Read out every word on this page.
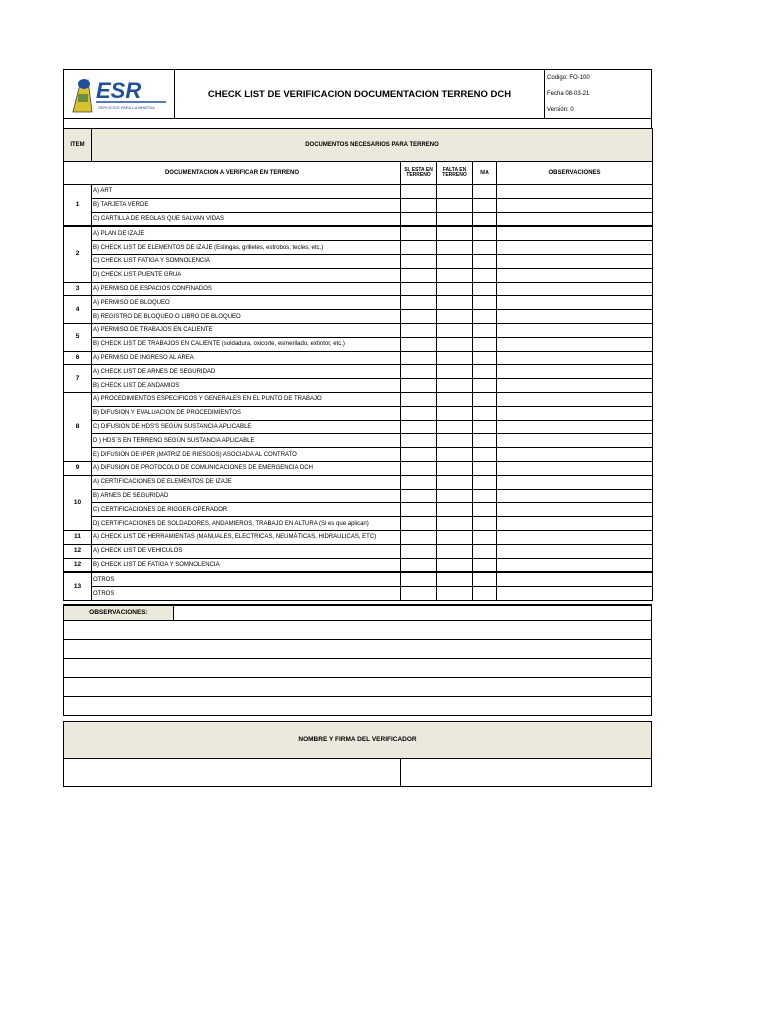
ESR
SERVICIOS PARA LA MINERIA
CHECK LIST DE VERIFICACION DOCUMENTACION TERRENO DCH
Codigo: FO-100
Fecha 08-03-21
Versión: 0
ITEM	DOCUMENTOS NECESARIOS PARA TERRENO				
DOCUMENTACION A VERIFICAR EN TERRENO		SI, ESTA EN TERRENO	FALTA EN TERRENO	N/A	OBSERVACIONES
1	A) ART				
	B) TARJETA VERDE				
	C) CARTILLA DE REGLAS QUE SALVAN VIDAS				
2	A) PLAN DE IZAJE				
	B) CHECK LIST DE ELEMENTOS DE IZAJE (Eslingas, grilletes, estrobos, tecles, etc.)				
	C) CHECK LIST FATIGA Y SOMNOLENCIA				
	D) CHECK LIST PUENTE GRUA				
3	A) PERMISO DE ESPACIOS CONFINADOS				
4	A) PERMISO DE BLOQUEO				
	B) REGISTRO DE BLOQUEO O LIBRO DE BLOQUEO				
5	A) PERMISO DE TRABAJOS EN CALIENTE				
	B) CHECK LIST DE TRABAJOS EN CALIENTE (soldadura, oxicorte, esmerilado, extintor, etc.)				
6	A) PERMISO DE INGRESO AL AREA				
7	A) CHECK LIST DE ARNES DE SEGURIDAD				
	B) CHECK LIST DE ANDAMIOS				
8	A) PROCEDIMIENTOS ESPECIFICOS Y GENERALES EN EL PUNTO DE TRABAJO				
	B) DIFUSION Y EVALUACION DE PROCEDIMIENTOS				
	C) DIFUSION DE HDS'S SEGÚN SUSTANCIA APLICABLE				
	D ) HDS´S EN TERRENO SEGÚN SUSTANCIA APLICABLE				
	E) DIFUSION DE IPER (MATRIZ DE RIESGOS) ASOCIADA AL CONTRATO				
9	A) DIFUSION DE PROTOCOLO DE COMUNICACIONES DE EMERGENCIA DCH				
10	A) CERTIFICACIONES DE ELEMENTOS DE IZAJE				
	B) ARNES DE SEGURIDAD				
	C) CERTIFICACIONES DE RIGGER-OPERADOR				
	D) CERTIFICACIONES DE SOLDADORES, ANDAMIEROS, TRABAJO EN ALTURA (Si es que aplican)				
11	A) CHECK LIST DE HERRAMIENTAS (MANUALES, ELECTRICAS, NEUMÁTICAS, HIDRAULICAS, ETC)				
12	A) CHECK LIST DE VEHICULOS				
12	B) CHECK LIST DE FATIGA Y SOMNOLENCIA				
13	OTROS				
	OTROS				
OBSERVACIONES:
NOMBRE Y FIRMA DEL VERIFICADOR
